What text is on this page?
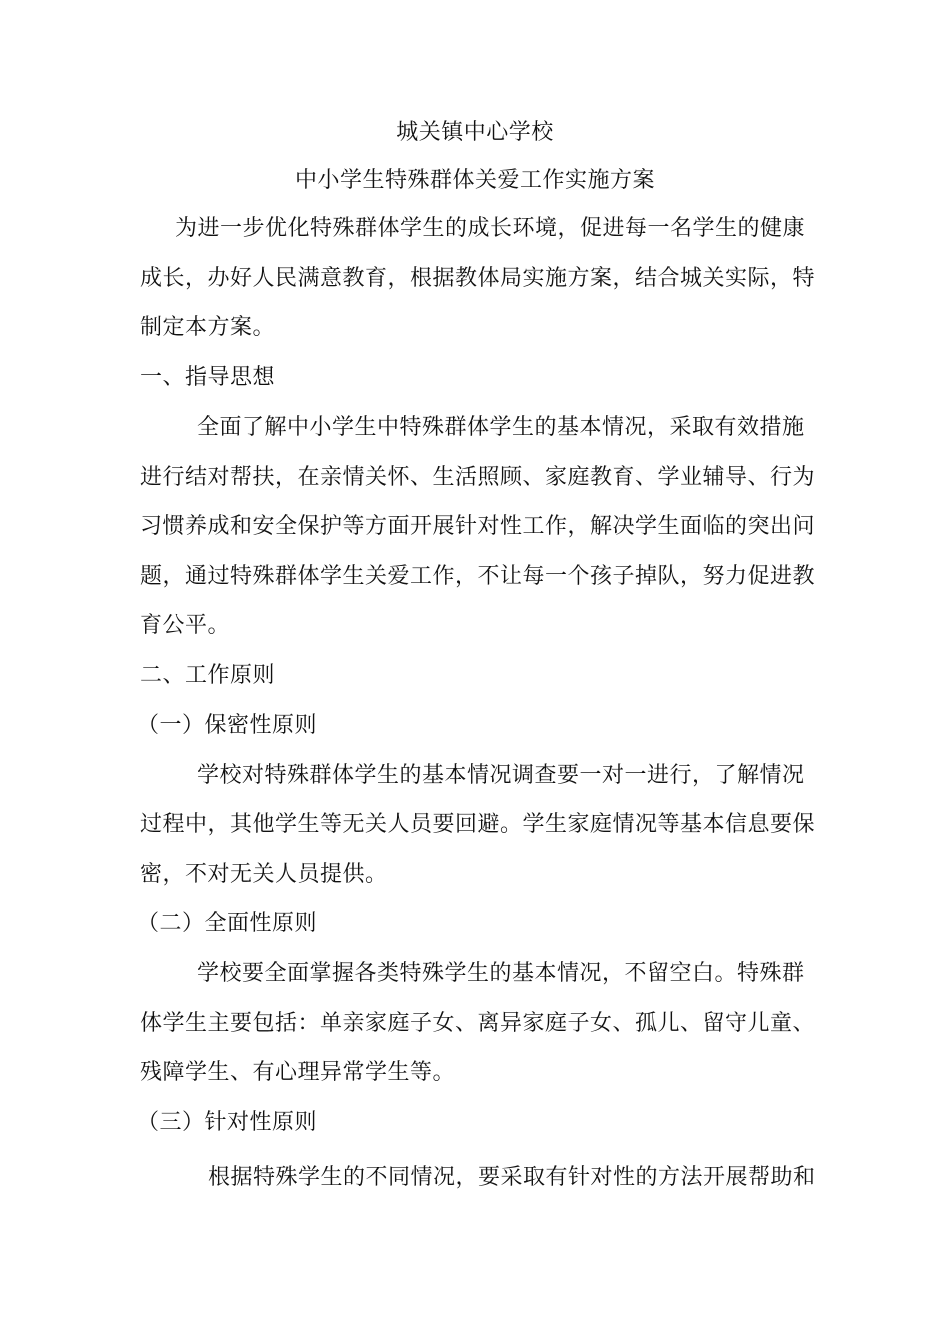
城关镇中心学校
中小学生特殊群体关爱工作实施方案
为进一步优化特殊群体学生的成长环境，促进每一名学生的健康
成长，办好人民满意教育，根据教体局实施方案，结合城关实际，特
制定本方案。
一、指导思想
全面了解中小学生中特殊群体学生的基本情况，采取有效措施
进行结对帮扶，在亲情关怀、生活照顾、家庭教育、学业辅导、行为
习惯养成和安全保护等方面开展针对性工作，解决学生面临的突出问
题，通过特殊群体学生关爱工作，不让每一个孩子掉队，努力促进教
育公平。
二、工作原则
（一）保密性原则
学校对特殊群体学生的基本情况调查要一对一进行，了解情况
过程中，其他学生等无关人员要回避。学生家庭情况等基本信息要保
密，不对无关人员提供。
（二）全面性原则
学校要全面掌握各类特殊学生的基本情况，不留空白。特殊群
体学生主要包括：单亲家庭子女、离异家庭子女、孤儿、留守儿童、
残障学生、有心理异常学生等。
（三）针对性原则
根据特殊学生的不同情况，要采取有针对性的方法开展帮助和
